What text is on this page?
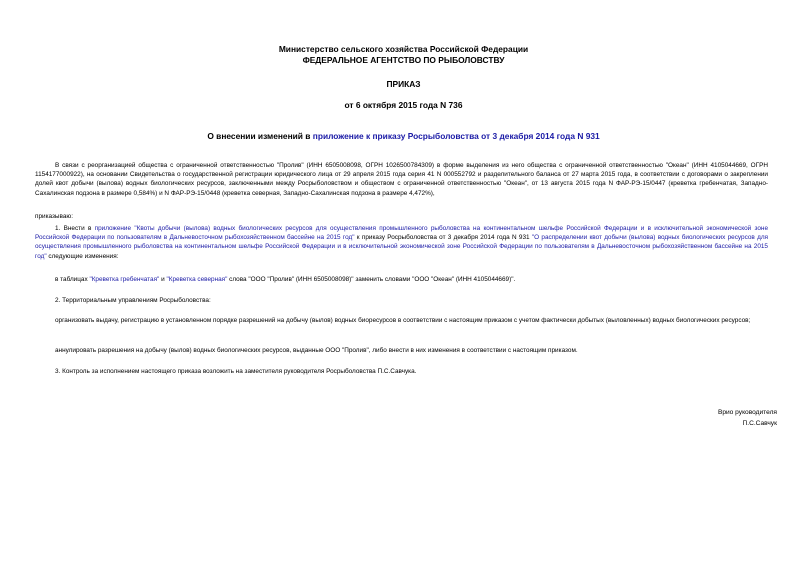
Министерство сельского хозяйства Российской Федерации
ФЕДЕРАЛЬНОЕ АГЕНТСТВО ПО РЫБОЛОВСТВУ
ПРИКАЗ
от 6 октября 2015 года N 736
О внесении изменений в приложение к приказу Росрыболовства от 3 декабря 2014 года N 931
В связи с реорганизацией общества с ограниченной ответственностью "Пролив" (ИНН 6505008098, ОГРН 1026500784309) в форме выделения из него общества с ограниченной ответственностью "Океан" (ИНН 4105044669, ОГРН 1154177000922), на основании Свидетельства о государственной регистрации юридического лица от 29 апреля 2015 года серия 41 N 000552792 и разделительного баланса от 27 марта 2015 года, в соответствии с договорами о закреплении долей квот добычи (вылова) водных биологических ресурсов, заключенными между Росрыболовством и обществом с ограниченной ответственностью "Океан", от 13 августа 2015 года N ФАР-РЭ-15/0447 (креветка гребенчатая, Западно-Сахалинская подзона в размере 0,584%) и N ФАР-РЭ-15/0448 (креветка северная, Западно-Сахалинская подзона в размере 4,472%),
приказываю:
1. Внести в приложение "Квоты добычи (вылова) водных биологических ресурсов для осуществления промышленного рыболовства на континентальном шельфе Российской Федерации и в исключительной экономической зоне Российской Федерации по пользователям в Дальневосточном рыбохозяйственном бассейне на 2015 год" к приказу Росрыболовства от 3 декабря 2014 года N 931 "О распределении квот добычи (вылова) водных биологических ресурсов для осуществления промышленного рыболовства на континентальном шельфе Российской Федерации и в исключительной экономической зоне Российской Федерации по пользователям в Дальневосточном рыбохозяйственном бассейне на 2015 год" следующие изменения:
в таблицах "Креветка гребенчатая" и "Креветка северная" слова "ООО "Пролив" (ИНН 6505008098)" заменить словами "ООО "Океан" (ИНН 4105044669)".
2. Территориальным управлениям Росрыболовства:
организовать выдачу, регистрацию в установленном порядке разрешений на добычу (вылов) водных биоресурсов в соответствии с настоящим приказом с учетом фактически добытых (выловленных) водных биологических ресурсов;
аннулировать разрешения на добычу (вылов) водных биологических ресурсов, выданные ООО "Пролив", либо внести в них изменения в соответствии с настоящим приказом.
3. Контроль за исполнением настоящего приказа возложить на заместителя руководителя Росрыболовства П.С.Савчука.
Врио руководителя
П.С.Савчук
